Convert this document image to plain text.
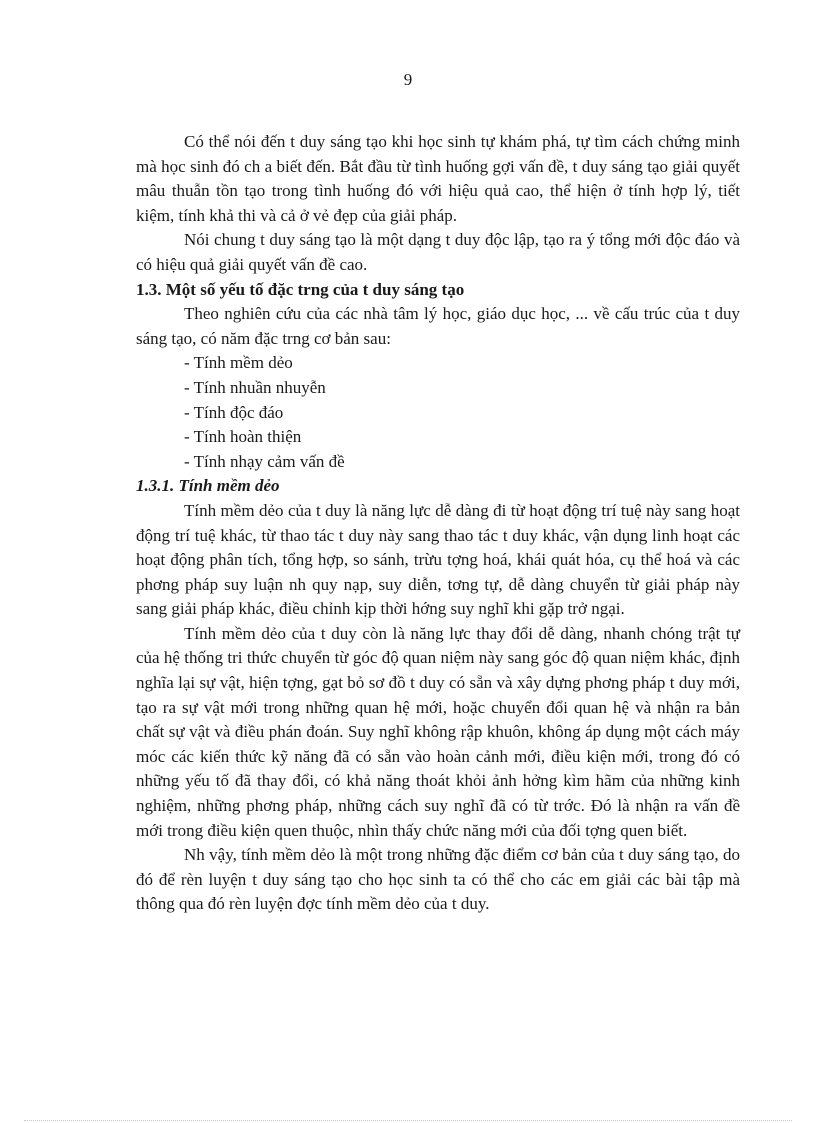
9

Có thể nói đến t duy sáng tạo khi học sinh tự khám phá, tự tìm cách chứng minh mà học sinh đó ch a biết đến. Bắt đầu từ tình huống gợi vấn đề, t duy sáng tạo giải quyết mâu thuẫn tồn tạo trong tình huống đó với hiệu quả cao, thể hiện ở tính hợp lý, tiết kiệm, tính khả thi và cả ở vẻ đẹp của giải pháp.

Nói chung t duy sáng tạo là một dạng t duy độc lập, tạo ra ý tổng mới độc đáo và có hiệu quả giải quyết vấn đề cao.

1.3. Một số yếu tố đặc trng của t duy sáng tạo

Theo nghiên cứu của các nhà tâm lý học, giáo dục học, ... về cấu trúc của t duy sáng tạo, có năm đặc trng cơ bản sau:

- Tính mềm dẻo
- Tính nhuần nhuyễn
- Tính độc đáo
- Tính hoàn thiện
- Tính nhạy cảm vấn đề
1.3.1. Tính mềm dẻo

Tính mềm dẻo của t duy là năng lực dễ dàng đi từ hoạt động trí tuệ này sang hoạt động trí tuệ khác, từ thao tác t duy này sang thao tác t duy khác, vận dụng linh hoạt các hoạt động phân tích, tổng hợp, so sánh, trừu tợng hoá, khái quát hóa, cụ thể hoá và các phơng pháp suy luận nh quy nạp, suy diễn, tơng tự, dễ dàng chuyển từ giải pháp này sang giải pháp khác, điều chỉnh kịp thời hớng suy nghĩ khi gặp trở ngại.

Tính mềm dẻo của t duy còn là năng lực thay đổi dễ dàng, nhanh chóng trật tự của hệ thống tri thức chuyển từ góc độ quan niệm này sang góc độ quan niệm khác, định nghĩa lại sự vật, hiện tợng, gạt bỏ sơ đồ t duy có sẵn và xây dựng phơng pháp t duy mới, tạo ra sự vật mới trong những quan hệ mới, hoặc chuyển đổi quan hệ và nhận ra bản chất sự vật và điều phán đoán. Suy nghĩ không rập khuôn, không áp dụng một cách máy móc các kiến thức kỹ năng đã có sẵn vào hoàn cảnh mới, điều kiện mới, trong đó có những yếu tố đã thay đổi, có khả năng thoát khỏi ảnh hởng kìm hãm của những kinh nghiệm, những phơng pháp, những cách suy nghĩ đã có từ trớc. Đó là nhận ra vấn đề mới trong điều kiện quen thuộc, nhìn thấy chức năng mới của đối tợng quen biết.

Nh vậy, tính mềm dẻo là một trong những đặc điểm cơ bản của t duy sáng tạo, do đó để rèn luyện t duy sáng tạo cho học sinh ta có thể cho các em giải các bài tập mà thông qua đó rèn luyện đợc tính mềm dẻo của t duy.
